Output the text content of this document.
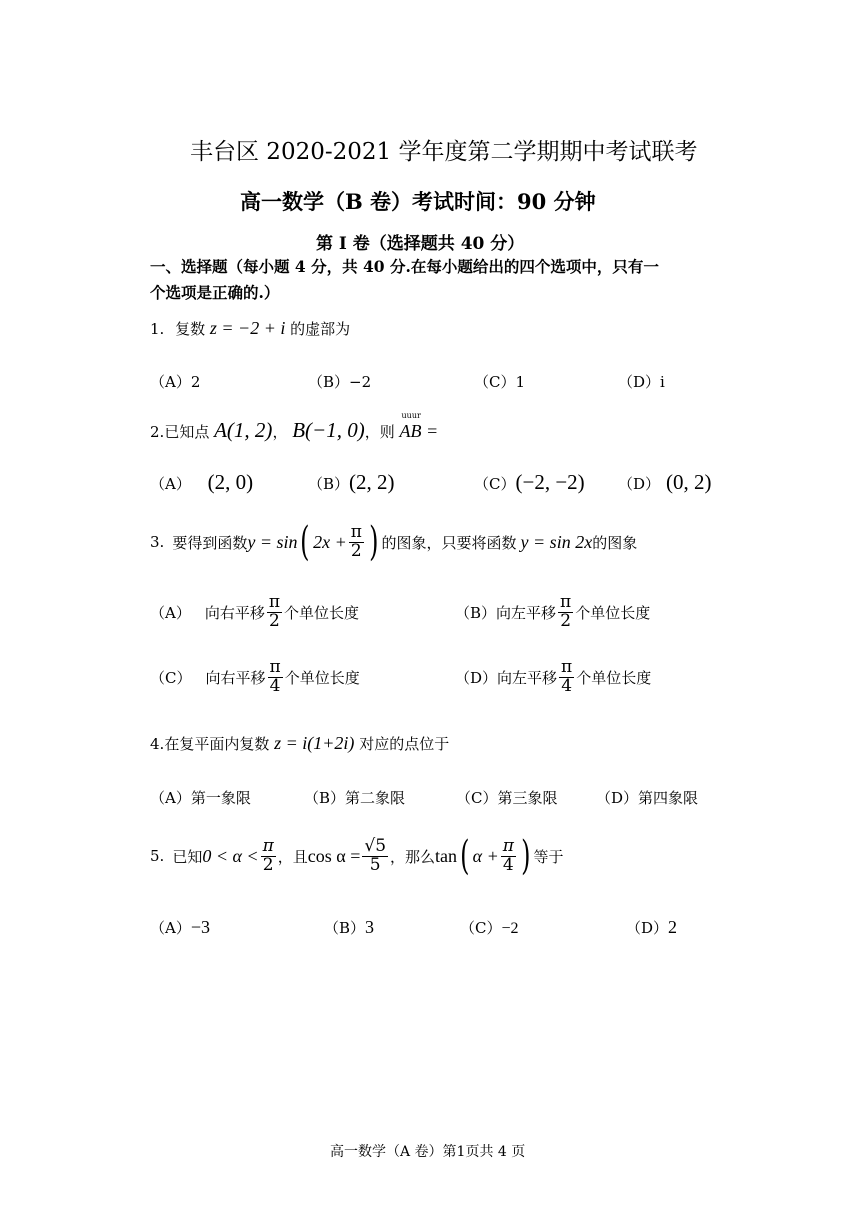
丰台区 2020-2021 学年度第二学期期中考试联考
高一数学（B 卷）考试时间：90 分钟
第 I 卷（选择题共 40 分）
一、选择题（每小题 4 分，共 40 分.在每小题给出的四个选项中，只有一
个选项是正确的.）
1. 复数 z = −2 + i 的虚部为
（A）2	（B）−2	（C）1	（D）i
2.已知点 A(1, 2)， B(−1, 0)，则
uuur
AB =
（A） (2, 0)	（B）(2, 2)	（C）(−2, −2) （D） (0, 2)
3. 要得到函数 y = sin ( $2x + \frac{\pi}{2}$ ) 的图象，只要将函数 y = sin 2x 的图象
（A） 向右平移 $\frac{\pi}{2}$ 个单位长度	（B） 向左平移 $\frac{\pi}{2}$ 个单位长度
（C） 向右平移 $\frac{\pi}{4}$ 个单位长度	（D） 向左平移 $\frac{\pi}{4}$ 个单位长度
4.在复平面内复数 z = i(1+2i) 对应的点位于
（A）第一象限	（B）第二象限	（C）第三象限	（D）第四象限
5. 已知 $0 < \alpha < \frac{\pi}{2}$ ，且 $\cos \alpha = \frac{√5}{5}$ ，那么 tan ( $\alpha + \frac{\pi}{4}$ ) 等于
（A）−3	（B）3	（C）−2	（D）2
高一数学（A 卷）第1页共 4 页
